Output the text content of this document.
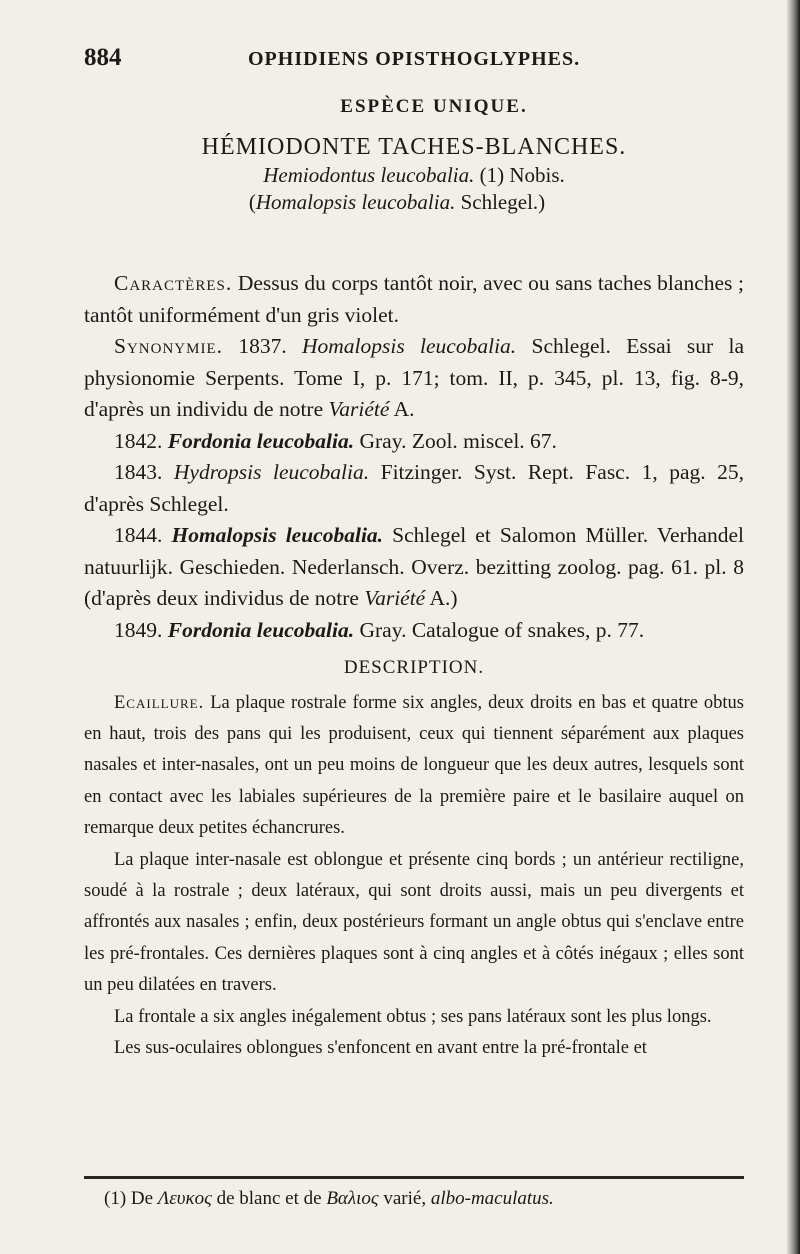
884	OPHIDIENS OPISTHOGLYPHES.
ESPÈCE UNIQUE.
HÉMIODONTE TACHES-BLANCHES.
Hemiodontus leucobalia. (1) Nobis.
(Homalopsis leucobalia. Schlegel.)

Caractères. Dessus du corps tantôt noir, avec ou sans taches blanches ; tantôt uniformément d'un gris violet.

Synonymie. 1837. Homalopsis leucobalia. Schlegel. Essai sur la physionomie Serpents. Tome I, p. 171; tom. II, p. 345, pl. 13, fig. 8-9, d'après un individu de notre Variété A.

1842. Fordonia leucobalia. Gray. Zool. miscel. 67.

1843. Hydropsis leucobalia. Fitzinger. Syst. Rept. Fasc. 1, pag. 25, d'après Schlegel.

1844. Homalopsis leucobalia. Schlegel et Salomon Müller. Verhandel natuurlijk. Geschieden. Nederlansch. Overz. bezitting zoolog. pag. 61. pl. 8 (d'après deux individus de notre Variété A.)

1849. Fordonia leucobalia. Gray. Catalogue of snakes, p. 77.

DESCRIPTION.

Ecaillure. La plaque rostrale forme six angles, deux droits en bas et quatre obtus en haut, trois des pans qui les produisent, ceux qui tiennent séparément aux plaques nasales et inter-nasales, ont un peu moins de longueur que les deux autres, lesquels sont en contact avec les labiales supérieures de la première paire et le basilaire auquel on remarque deux petites échancrures.

La plaque inter-nasale est oblongue et présente cinq bords ; un antérieur rectiligne, soudé à la rostrale ; deux latéraux, qui sont droits aussi, mais un peu divergents et affrontés aux nasales ; enfin, deux postérieurs formant un angle obtus qui s'enclave entre les pré-frontales. Ces dernières plaques sont à cinq angles et à côtés inégaux ; elles sont un peu dilatées en travers.

La frontale a six angles inégalement obtus ; ses pans latéraux sont les plus longs.

Les sus-oculaires oblongues s'enfoncent en avant entre la pré-frontale et

(1) De Λευκος de blanc et de Βαλιος varié, albo-maculatus.
